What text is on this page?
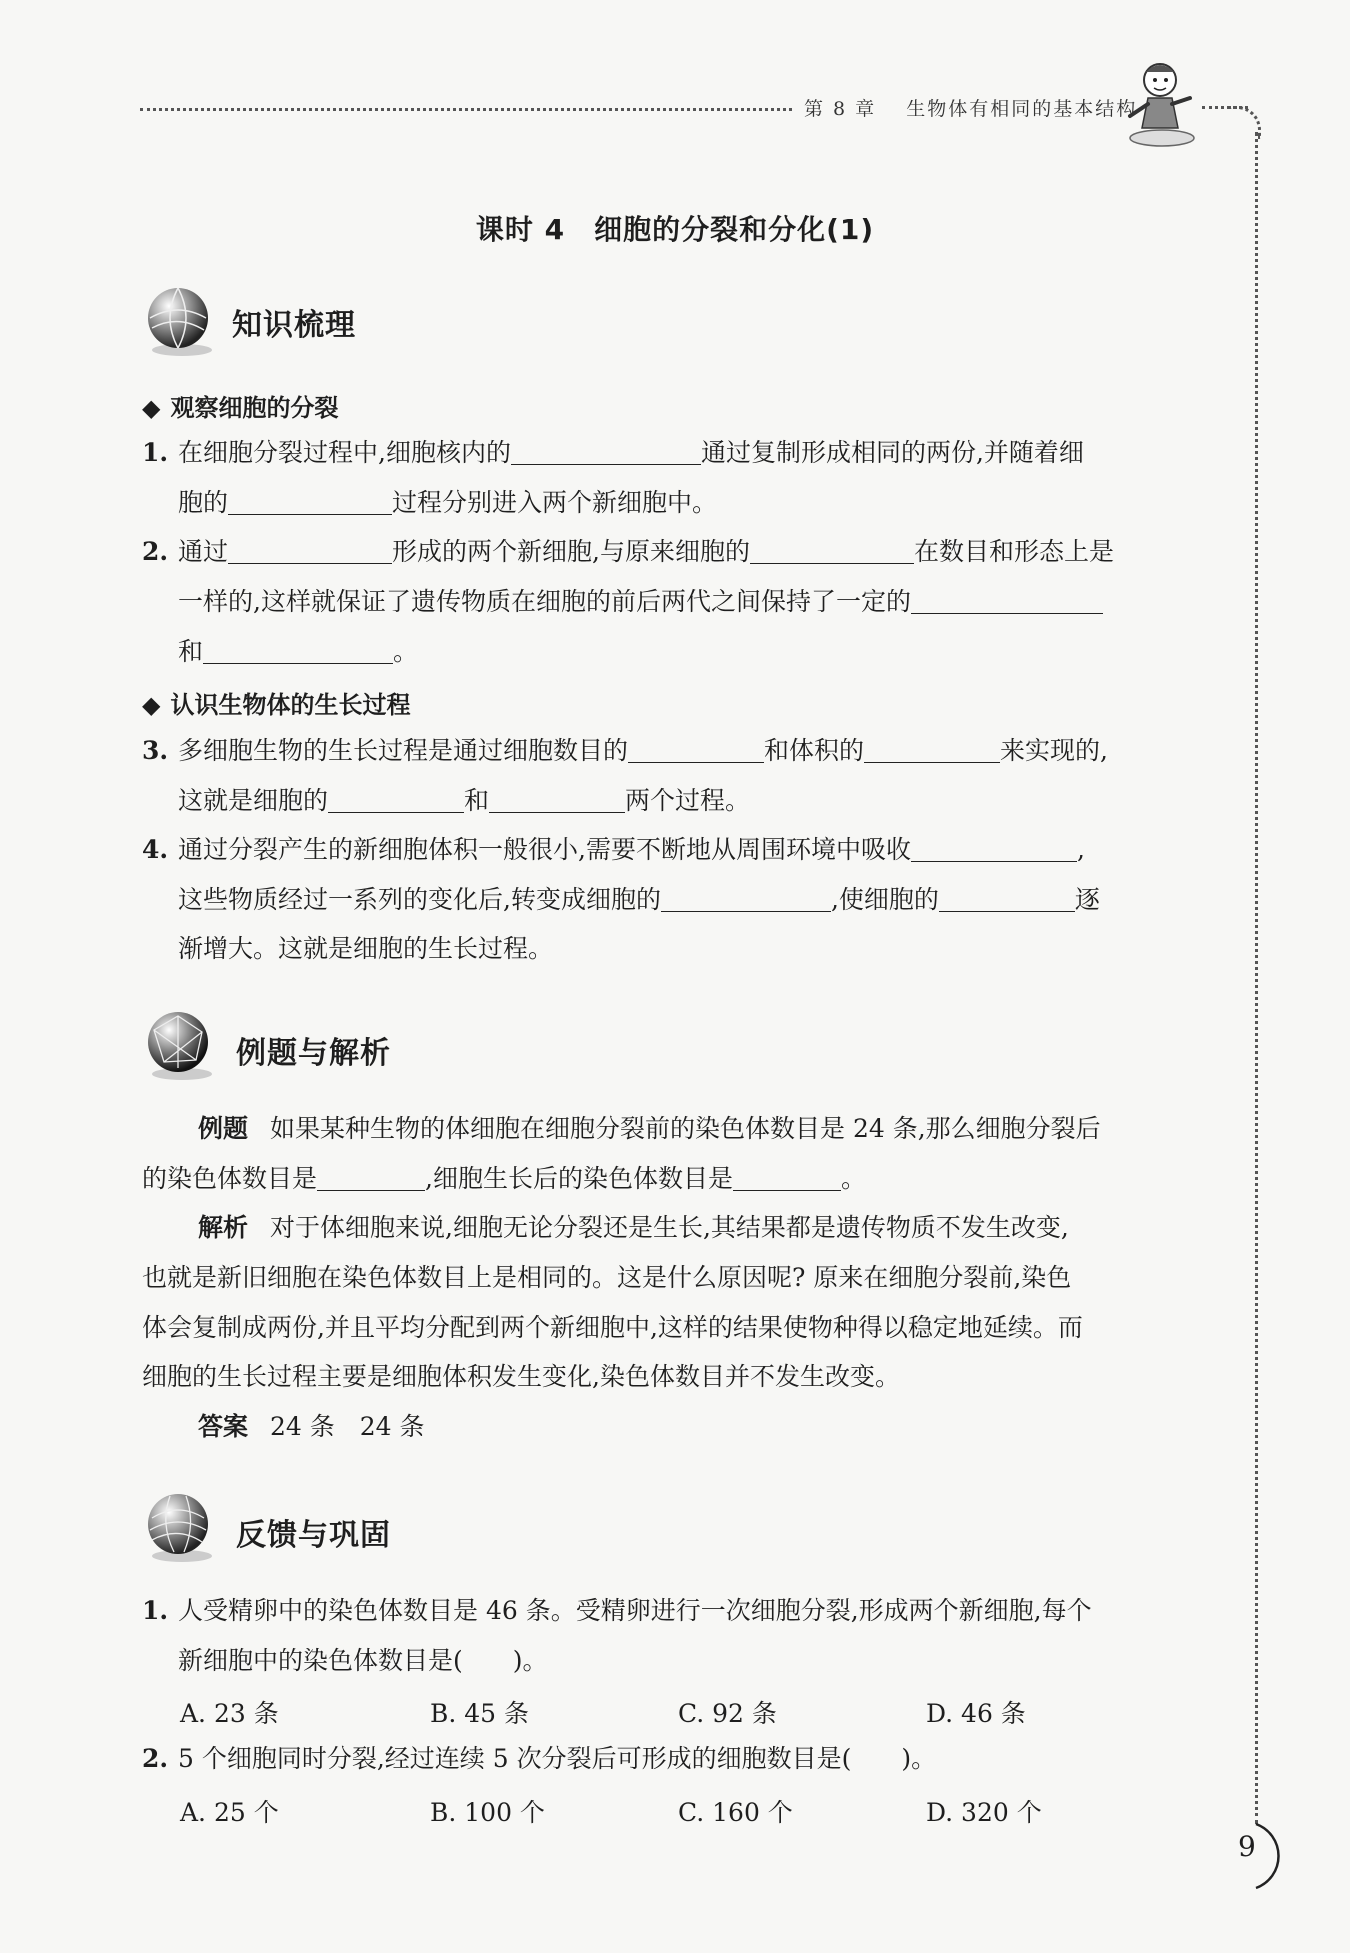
第 8 章 生物体有相同的基本结构
9
课时 4　细胞的分裂和分化(1)
知识梳理
◆ 观察细胞的分裂
1. 在细胞分裂过程中,细胞核内的	通过复制形成相同的两份,并随着细
胞的	过程分别进入两个新细胞中。
2. 通过	形成的两个新细胞,与原来细胞的	在数目和形态上是
一样的,这样就保证了遗传物质在细胞的前后两代之间保持了一定的
和	。
◆ 认识生物体的生长过程
3. 多细胞生物的生长过程是通过细胞数目的	和体积的	来实现的,
这就是细胞的	和	两个过程。
4. 通过分裂产生的新细胞体积一般很小,需要不断地从周围环境中吸收	,
这些物质经过一系列的变化后,转变成细胞的	,使细胞的	逐
渐增大。这就是细胞的生长过程。
例题与解析
例题 如果某种生物的体细胞在细胞分裂前的染色体数目是 24 条,那么细胞分裂后
的染色体数目是	,细胞生长后的染色体数目是	。
解析 对于体细胞来说,细胞无论分裂还是生长,其结果都是遗传物质不发生改变,
也就是新旧细胞在染色体数目上是相同的。这是什么原因呢? 原来在细胞分裂前,染色
体会复制成两份,并且平均分配到两个新细胞中,这样的结果使物种得以稳定地延续。而
细胞的生长过程主要是细胞体积发生变化,染色体数目并不发生改变。
答案 24 条　24 条
反馈与巩固
1. 人受精卵中的染色体数目是 46 条。受精卵进行一次细胞分裂,形成两个新细胞,每个
新细胞中的染色体数目是(　　)。
A. 23 条	B. 45 条	C. 92 条	D. 46 条
2. 5 个细胞同时分裂,经过连续 5 次分裂后可形成的细胞数目是(　　)。
A. 25 个	B. 100 个	C. 160 个	D. 320 个
